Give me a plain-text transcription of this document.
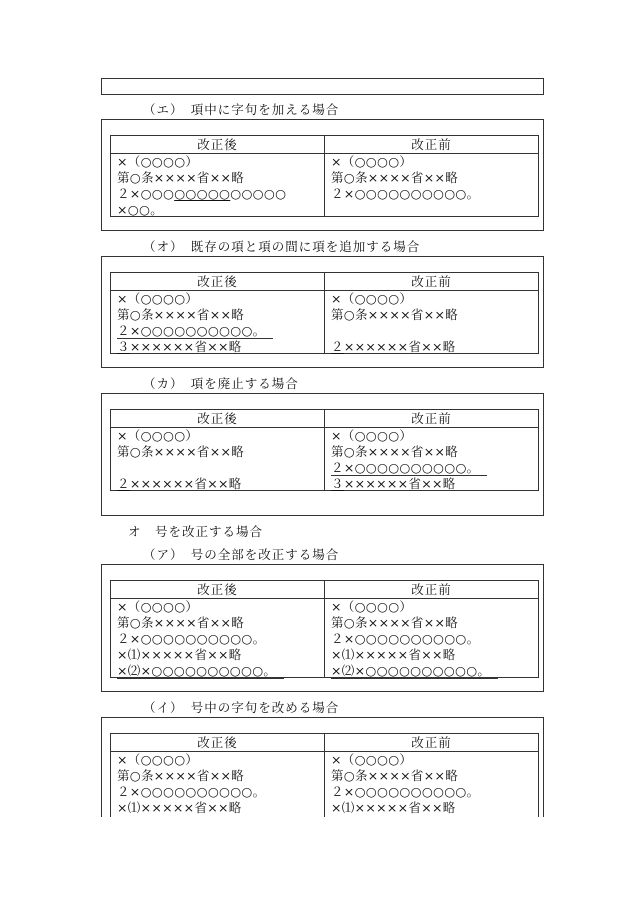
（エ）　項中に字句を加える場合
改正後
×（○○○○）
第○条××××省××略
２×○○○○○○○○○○○○○
×○○。
改正前
×（○○○○）
第○条××××省××略
２×○○○○○○○○○○。
（オ）　既存の項と項の間に項を追加する場合
改正後
×（○○○○）
第○条××××省××略
２×○○○○○○○○○○。
３××××××省××略
改正前
×（○○○○）
第○条××××省××略
２××××××省××略
（カ）　項を廃止する場合
改正後
×（○○○○）
第○条××××省××略
２××××××省××略
改正前
×（○○○○）
第○条××××省××略
２×○○○○○○○○○○。
３××××××省××略
オ　号を改正する場合
（ア）　号の全部を改正する場合
改正後
×（○○○○）
第○条××××省××略
２×○○○○○○○○○○。
×⑴×××××省××略
×⑵×○○○○○○○○○○。
改正前
×（○○○○）
第○条××××省××略
２×○○○○○○○○○○。
×⑴×××××省××略
×⑵×○○○○○○○○○○。
（イ）　号中の字句を改める場合
改正後
×（○○○○）
第○条××××省××略
２×○○○○○○○○○○。
×⑴×××××省××略
改正前
×（○○○○）
第○条××××省××略
２×○○○○○○○○○○。
×⑴×××××省××略
